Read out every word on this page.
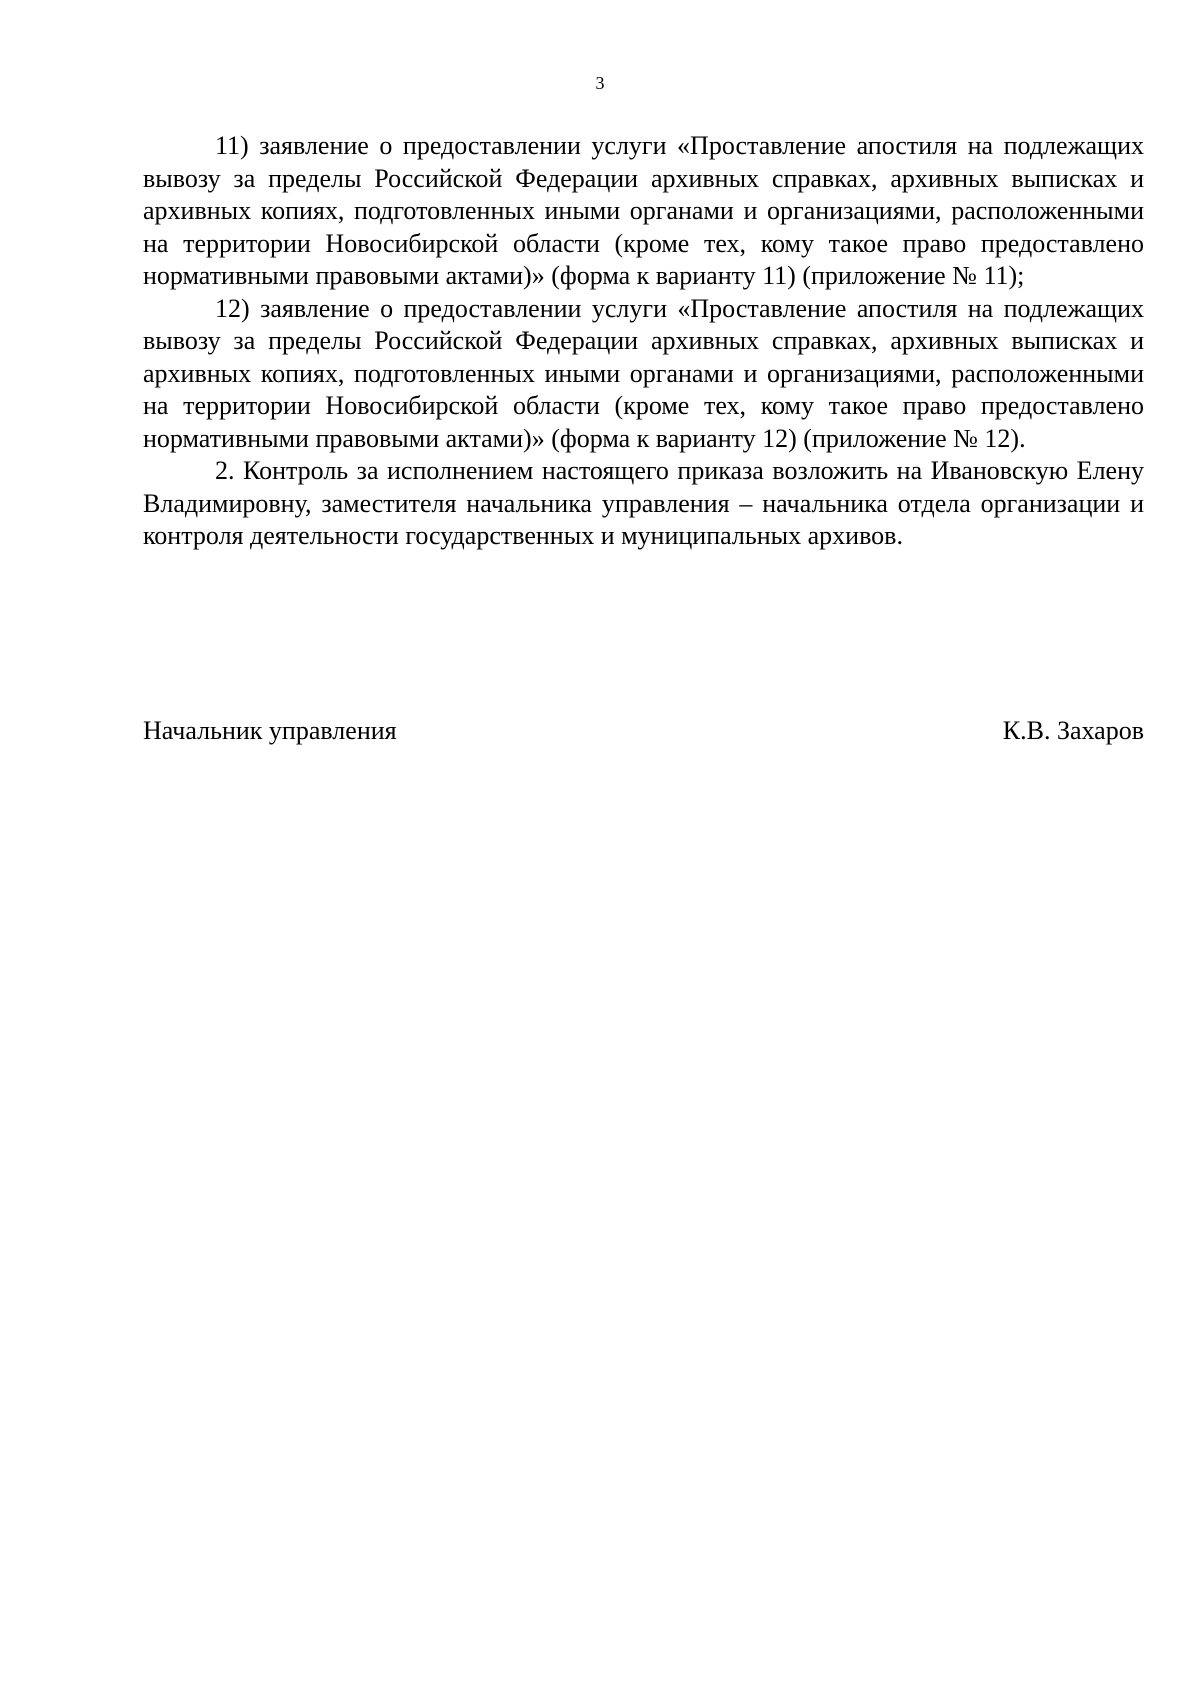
3

11) заявление о предоставлении услуги «Проставление апостиля на подлежащих вывозу за пределы Российской Федерации архивных справках, архивных выписках и архивных копиях, подготовленных иными органами и организациями, расположенными на территории Новосибирской области (кроме тех, кому такое право предоставлено нормативными правовыми актами)» (форма к варианту 11) (приложение № 11);

12) заявление о предоставлении услуги «Проставление апостиля на подлежащих вывозу за пределы Российской Федерации архивных справках, архивных выписках и архивных копиях, подготовленных иными органами и организациями, расположенными на территории Новосибирской области (кроме тех, кому такое право предоставлено нормативными правовыми актами)» (форма к варианту 12) (приложение № 12).

2. Контроль за исполнением настоящего приказа возложить на Ивановскую Елену Владимировну, заместителя начальника управления – начальника отдела организации и контроля деятельности государственных и муниципальных архивов.

Начальник управления	К.В. Захаров
